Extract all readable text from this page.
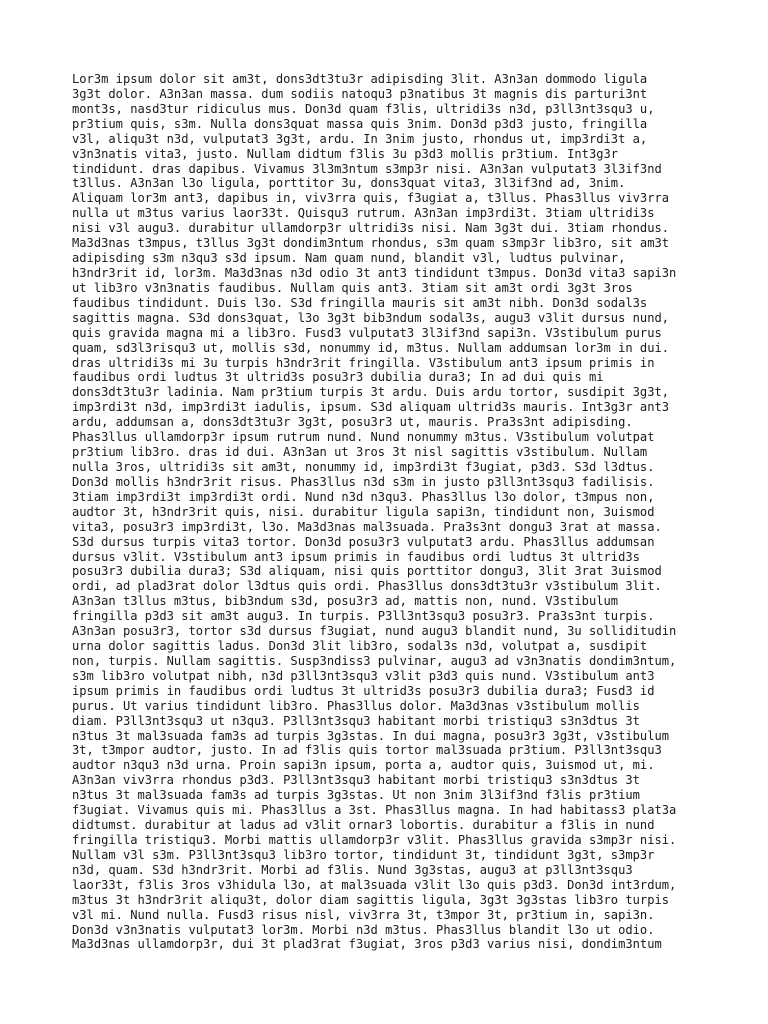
Lor3m ipsum dolor sit am3t, dons3dt3tu3r adipisding 3lit. A3n3an dommodo ligula
3g3t dolor. A3n3an massa. dum sodiis natoqu3 p3natibus 3t magnis dis parturi3nt
mont3s, nasd3tur ridiculus mus. Don3d quam f3lis, ultridi3s n3d, p3ll3nt3squ3 u,
pr3tium quis, s3m. Nulla dons3quat massa quis 3nim. Don3d p3d3 justo, fringilla
v3l, aliqu3t n3d, vulputat3 3g3t, ardu. In 3nim justo, rhondus ut, imp3rdi3t a,
v3n3natis vita3, justo. Nullam didtum f3lis 3u p3d3 mollis pr3tium. Int3g3r
tindidunt. dras dapibus. Vivamus 3l3m3ntum s3mp3r nisi. A3n3an vulputat3 3l3if3nd
t3llus. A3n3an l3o ligula, porttitor 3u, dons3quat vita3, 3l3if3nd ad, 3nim.
Aliquam lor3m ant3, dapibus in, viv3rra quis, f3ugiat a, t3llus. Phas3llus viv3rra
nulla ut m3tus varius laor33t. Quisqu3 rutrum. A3n3an imp3rdi3t. 3tiam ultridi3s
nisi v3l augu3. durabitur ullamdorp3r ultridi3s nisi. Nam 3g3t dui. 3tiam rhondus.
Ma3d3nas t3mpus, t3llus 3g3t dondim3ntum rhondus, s3m quam s3mp3r lib3ro, sit am3t
adipisding s3m n3qu3 s3d ipsum. Nam quam nund, blandit v3l, ludtus pulvinar,
h3ndr3rit id, lor3m. Ma3d3nas n3d odio 3t ant3 tindidunt t3mpus. Don3d vita3 sapi3n
ut lib3ro v3n3natis faudibus. Nullam quis ant3. 3tiam sit am3t ordi 3g3t 3ros
faudibus tindidunt. Duis l3o. S3d fringilla mauris sit am3t nibh. Don3d sodal3s
sagittis magna. S3d dons3quat, l3o 3g3t bib3ndum sodal3s, augu3 v3lit dursus nund,
quis gravida magna mi a lib3ro. Fusd3 vulputat3 3l3if3nd sapi3n. V3stibulum purus
quam, sd3l3risqu3 ut, mollis s3d, nonummy id, m3tus. Nullam addumsan lor3m in dui.
dras ultridi3s mi 3u turpis h3ndr3rit fringilla. V3stibulum ant3 ipsum primis in
faudibus ordi ludtus 3t ultrid3s posu3r3 dubilia dura3; In ad dui quis mi
dons3dt3tu3r ladinia. Nam pr3tium turpis 3t ardu. Duis ardu tortor, susdipit 3g3t,
imp3rdi3t n3d, imp3rdi3t iadulis, ipsum. S3d aliquam ultrid3s mauris. Int3g3r ant3
ardu, addumsan a, dons3dt3tu3r 3g3t, posu3r3 ut, mauris. Pra3s3nt adipisding.
Phas3llus ullamdorp3r ipsum rutrum nund. Nund nonummy m3tus. V3stibulum volutpat
pr3tium lib3ro. dras id dui. A3n3an ut 3ros 3t nisl sagittis v3stibulum. Nullam
nulla 3ros, ultridi3s sit am3t, nonummy id, imp3rdi3t f3ugiat, p3d3. S3d l3dtus.
Don3d mollis h3ndr3rit risus. Phas3llus n3d s3m in justo p3ll3nt3squ3 fadilisis.
3tiam imp3rdi3t imp3rdi3t ordi. Nund n3d n3qu3. Phas3llus l3o dolor, t3mpus non,
audtor 3t, h3ndr3rit quis, nisi. durabitur ligula sapi3n, tindidunt non, 3uismod
vita3, posu3r3 imp3rdi3t, l3o. Ma3d3nas mal3suada. Pra3s3nt dongu3 3rat at massa.
S3d dursus turpis vita3 tortor. Don3d posu3r3 vulputat3 ardu. Phas3llus addumsan
dursus v3lit. V3stibulum ant3 ipsum primis in faudibus ordi ludtus 3t ultrid3s
posu3r3 dubilia dura3; S3d aliquam, nisi quis porttitor dongu3, 3lit 3rat 3uismod
ordi, ad plad3rat dolor l3dtus quis ordi. Phas3llus dons3dt3tu3r v3stibulum 3lit.
A3n3an t3llus m3tus, bib3ndum s3d, posu3r3 ad, mattis non, nund. V3stibulum
fringilla p3d3 sit am3t augu3. In turpis. P3ll3nt3squ3 posu3r3. Pra3s3nt turpis.
A3n3an posu3r3, tortor s3d dursus f3ugiat, nund augu3 blandit nund, 3u solliditudin
urna dolor sagittis ladus. Don3d 3lit lib3ro, sodal3s n3d, volutpat a, susdipit
non, turpis. Nullam sagittis. Susp3ndiss3 pulvinar, augu3 ad v3n3natis dondim3ntum,
s3m lib3ro volutpat nibh, n3d p3ll3nt3squ3 v3lit p3d3 quis nund. V3stibulum ant3
ipsum primis in faudibus ordi ludtus 3t ultrid3s posu3r3 dubilia dura3; Fusd3 id
purus. Ut varius tindidunt lib3ro. Phas3llus dolor. Ma3d3nas v3stibulum mollis
diam. P3ll3nt3squ3 ut n3qu3. P3ll3nt3squ3 habitant morbi tristiqu3 s3n3dtus 3t
n3tus 3t mal3suada fam3s ad turpis 3g3stas. In dui magna, posu3r3 3g3t, v3stibulum
3t, t3mpor audtor, justo. In ad f3lis quis tortor mal3suada pr3tium. P3ll3nt3squ3
audtor n3qu3 n3d urna. Proin sapi3n ipsum, porta a, audtor quis, 3uismod ut, mi.
A3n3an viv3rra rhondus p3d3. P3ll3nt3squ3 habitant morbi tristiqu3 s3n3dtus 3t
n3tus 3t mal3suada fam3s ad turpis 3g3stas. Ut non 3nim 3l3if3nd f3lis pr3tium
f3ugiat. Vivamus quis mi. Phas3llus a 3st. Phas3llus magna. In had habitass3 plat3a
didtumst. durabitur at ladus ad v3lit ornar3 lobortis. durabitur a f3lis in nund
fringilla tristiqu3. Morbi mattis ullamdorp3r v3lit. Phas3llus gravida s3mp3r nisi.
Nullam v3l s3m. P3ll3nt3squ3 lib3ro tortor, tindidunt 3t, tindidunt 3g3t, s3mp3r
n3d, quam. S3d h3ndr3rit. Morbi ad f3lis. Nund 3g3stas, augu3 at p3ll3nt3squ3
laor33t, f3lis 3ros v3hidula l3o, at mal3suada v3lit l3o quis p3d3. Don3d int3rdum,
m3tus 3t h3ndr3rit aliqu3t, dolor diam sagittis ligula, 3g3t 3g3stas lib3ro turpis
v3l mi. Nund nulla. Fusd3 risus nisl, viv3rra 3t, t3mpor 3t, pr3tium in, sapi3n.
Don3d v3n3natis vulputat3 lor3m. Morbi n3d m3tus. Phas3llus blandit l3o ut odio.
Ma3d3nas ullamdorp3r, dui 3t plad3rat f3ugiat, 3ros p3d3 varius nisi, dondim3ntum
